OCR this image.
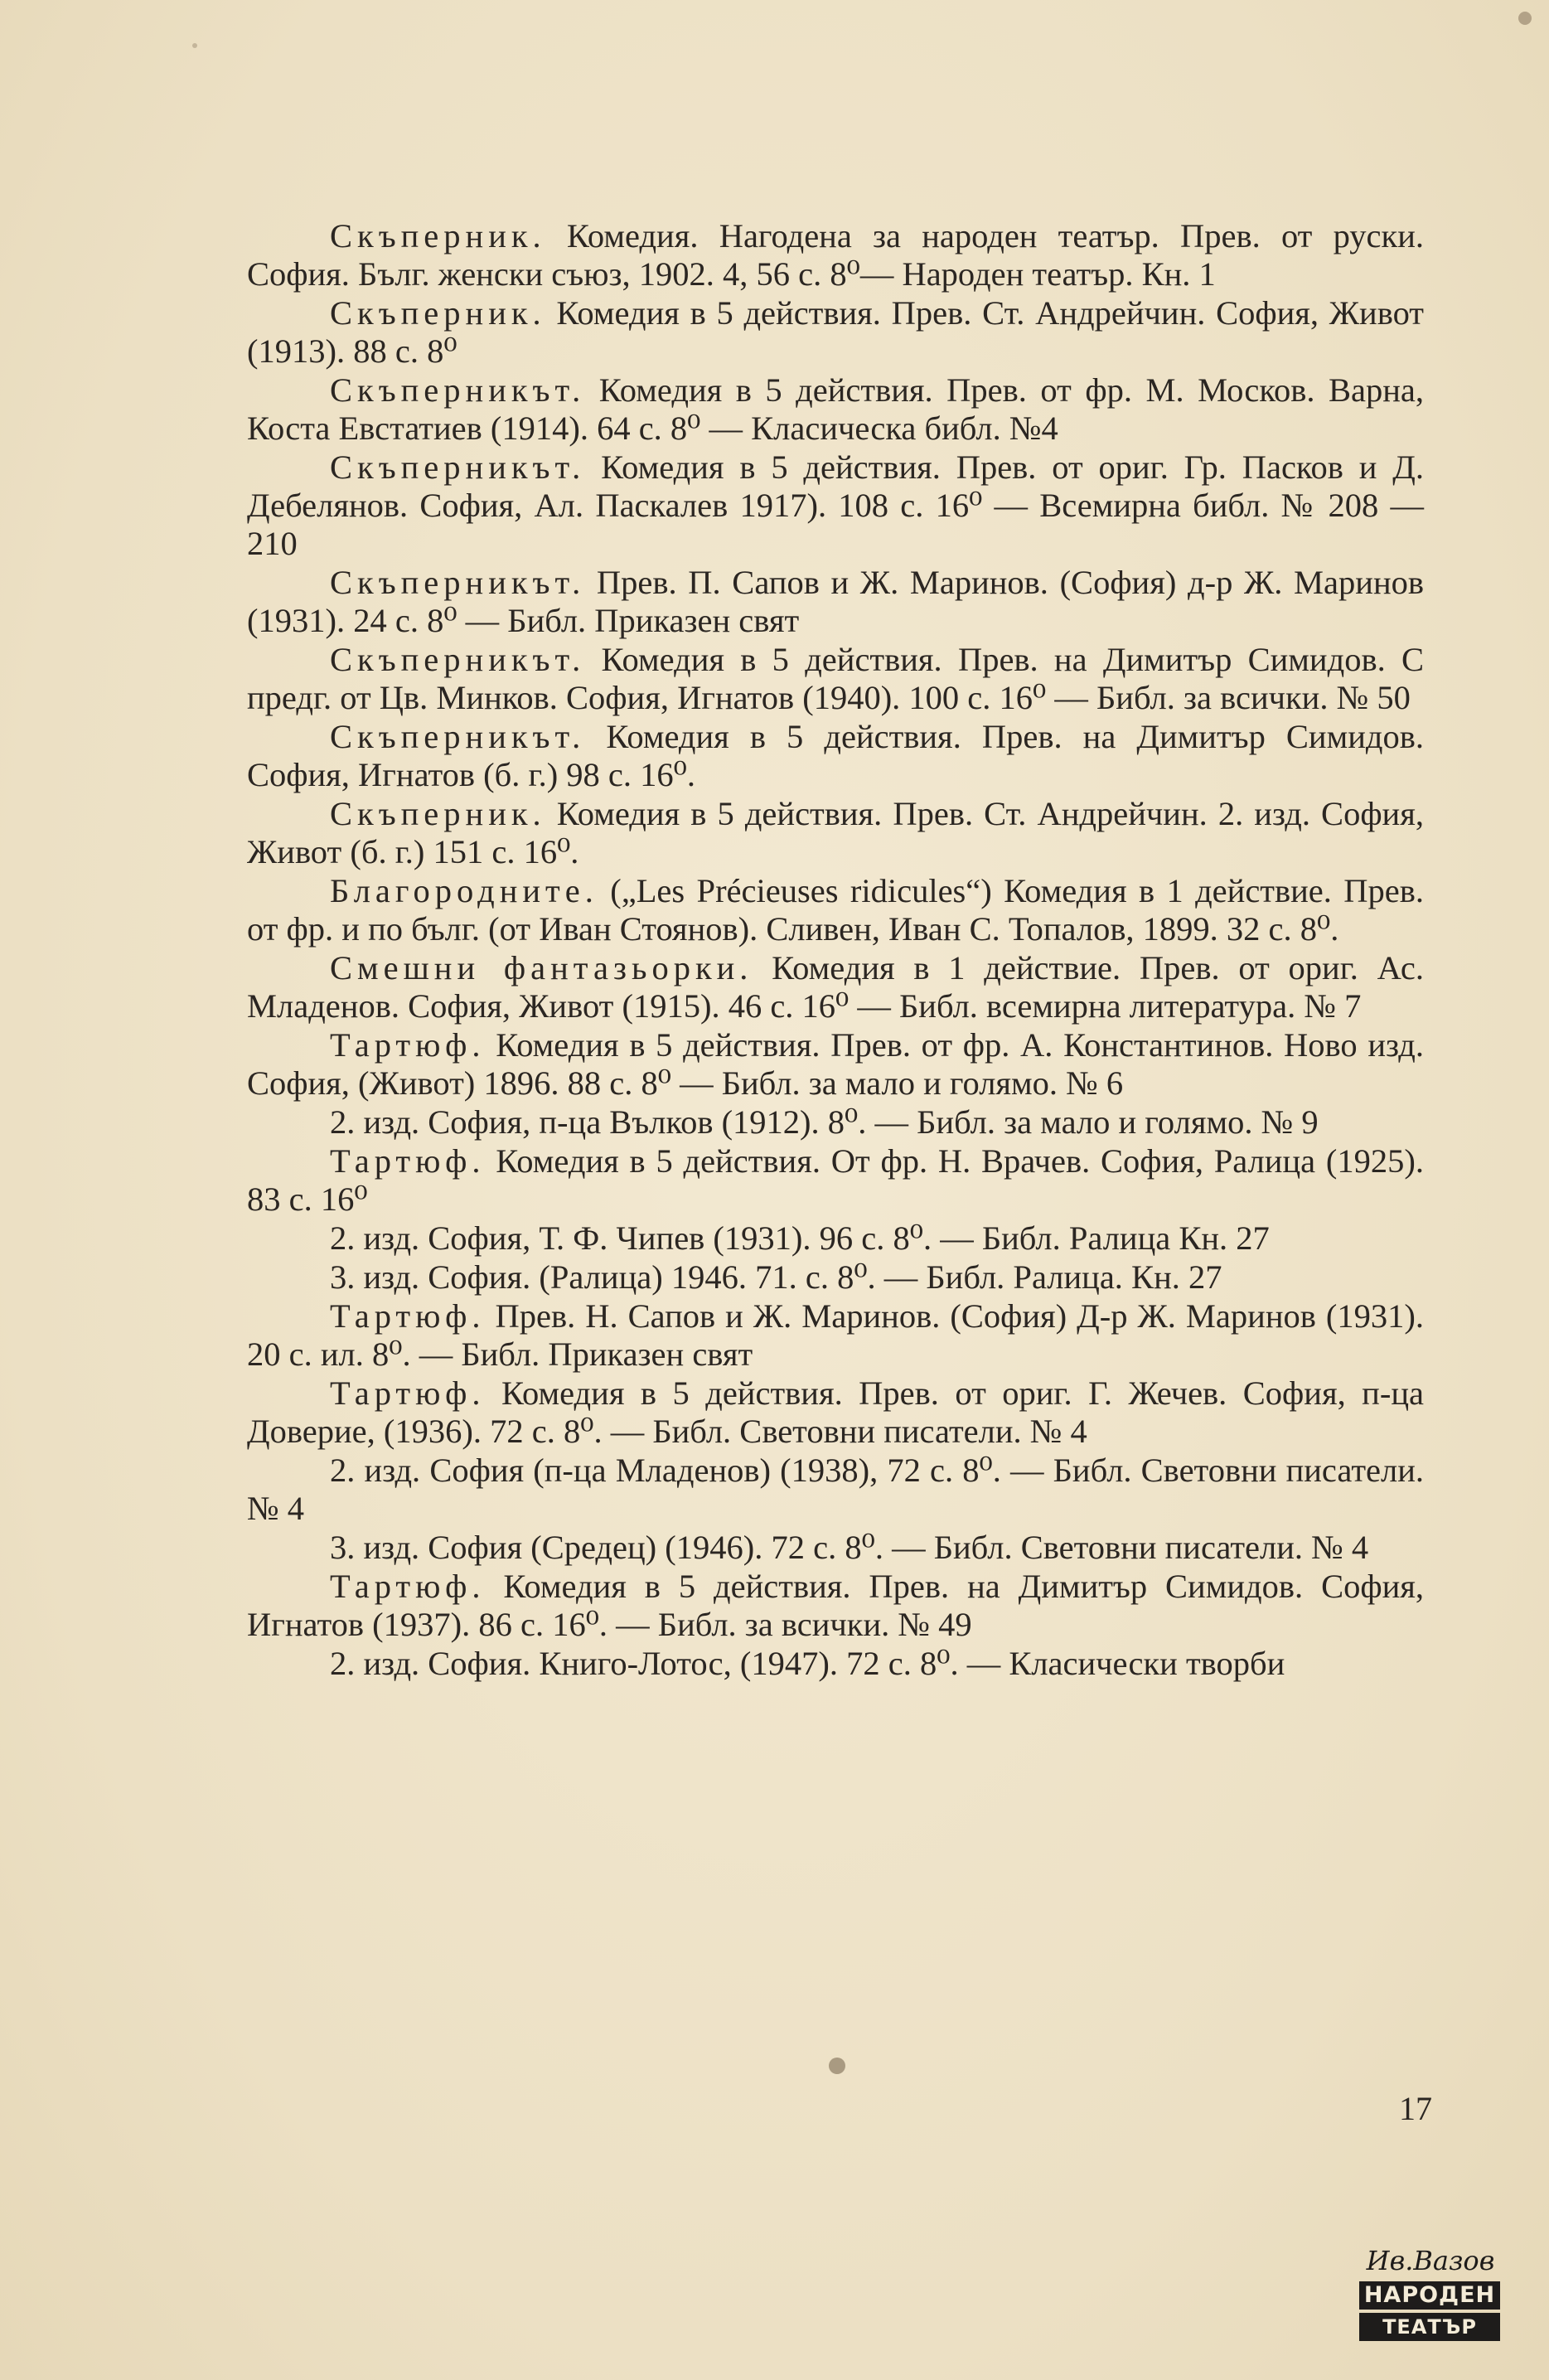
Скъперник. Комедия. Нагодена за народен театър. Прев. от руски. София. Бълг. женски съюз, 1902. 4, 56 с. 8⁰— Народен театър. Кн. 1

Скъперник. Комедия в 5 действия. Прев. Ст. Андрейчин. София, Живот (1913). 88 с. 8⁰

Скъперникът. Комедия в 5 действия. Прев. от фр. М. Москов. Варна, Коста Евстатиев (1914). 64 с. 8⁰ — Класическа библ. №4

Скъперникът. Комедия в 5 действия. Прев. от ориг. Гр. Пасков и Д. Дебелянов. София, Ал. Паскалев 1917). 108 с. 16⁰ — Всемирна библ. № 208 — 210

Скъперникът. Прев. П. Сапов и Ж. Маринов. (София) д-р Ж. Маринов (1931). 24 с. 8⁰ — Библ. Приказен свят

Скъперникът. Комедия в 5 действия. Прев. на Димитър Симидов. С предг. от Цв. Минков. София, Игнатов (1940). 100 с. 16⁰ — Библ. за всички. № 50

Скъперникът. Комедия в 5 действия. Прев. на Димитър Симидов. София, Игнатов (б. г.) 98 с. 16⁰.

Скъперник. Комедия в 5 действия. Прев. Ст. Андрейчин. 2. изд. София, Живот (б. г.) 151 с. 16⁰.

Благородните. („Les Précieuses ridicules“) Комедия в 1 действие. Прев. от фр. и по бълг. (от Иван Стоянов). Сливен, Иван С. Топалов, 1899. 32 с. 8⁰.

Смешни фантазьорки. Комедия в 1 действие. Прев. от ориг. Ас. Младенов. София, Живот (1915). 46 с. 16⁰ — Библ. всемирна литература. № 7

Тартюф. Комедия в 5 действия. Прев. от фр. А. Константинов. Ново изд. София, (Живот) 1896. 88 с. 8⁰ — Библ. за мало и голямо. № 6

2. изд. София, п-ца Вълков (1912). 8⁰. — Библ. за мало и голямо. № 9

Тартюф. Комедия в 5 действия. От фр. Н. Врачев. София, Ралица (1925). 83 с. 16⁰

2. изд. София, Т. Ф. Чипев (1931). 96 с. 8⁰. — Библ. Ралица Кн. 27

3. изд. София. (Ралица) 1946. 71. с. 8⁰. — Библ. Ралица. Кн. 27

Тартюф. Прев. Н. Сапов и Ж. Маринов. (София) Д-р Ж. Маринов (1931). 20 с. ил. 8⁰. — Библ. Приказен свят

Тартюф. Комедия в 5 действия. Прев. от ориг. Г. Жечев. София, п-ца Доверие, (1936). 72 с. 8⁰. — Библ. Световни писатели. № 4

2. изд. София (п-ца Младенов) (1938), 72 с. 8⁰. — Библ. Световни писатели. № 4

3. изд. София (Средец) (1946). 72 с. 8⁰. — Библ. Световни писатели. № 4

Тартюф. Комедия в 5 действия. Прев. на Димитър Симидов. София, Игнатов (1937). 86 с. 16⁰. — Библ. за всички. № 49

2. изд. София. Книго-Лотос, (1947). 72 с. 8⁰. — Класически творби

17
Ив.Вазов
НАРОДЕН
ТЕАТЪР
